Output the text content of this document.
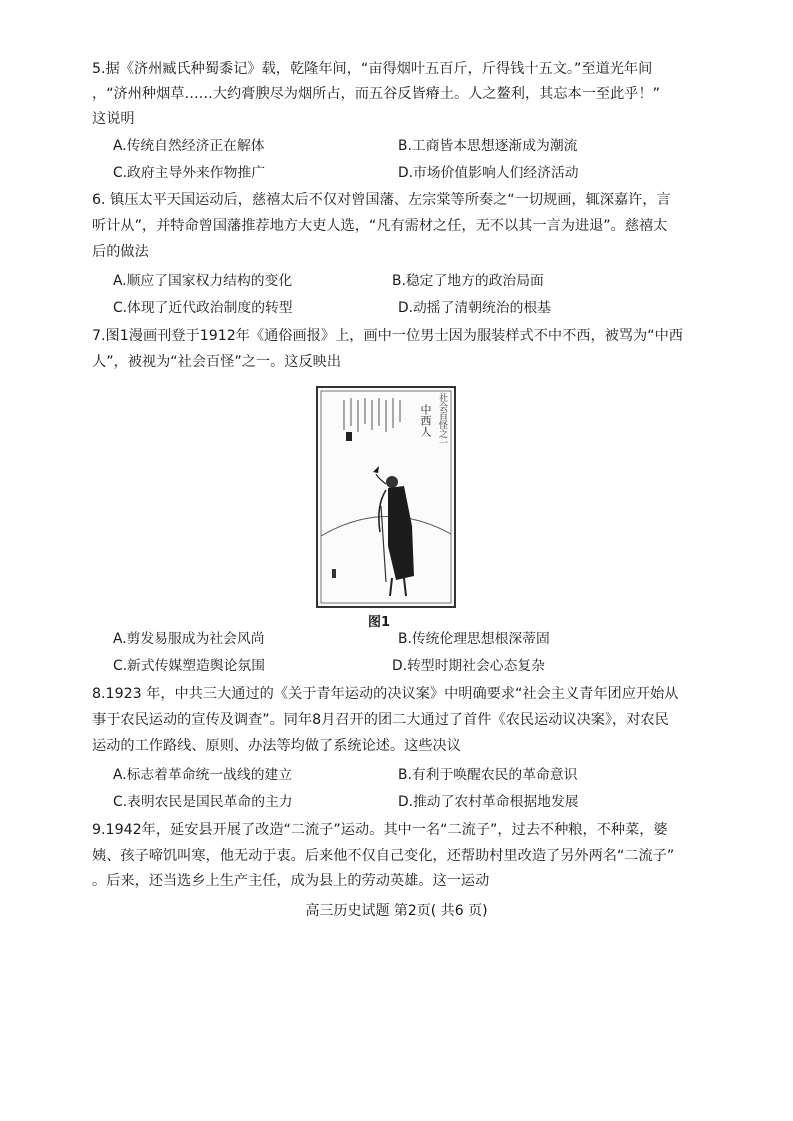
5.据《济州臧氏种蜀黍记》载，乾隆年间，“亩得烟叶五百斤，斤得钱十五文。”至道光年间
，“济州种烟草……大约膏腴尽为烟所占，而五谷反皆瘠土。人之鳌利，其忘本一至此乎！”
这说明
A.传统自然经济正在解体	B.工商皆本思想逐渐成为潮流
C.政府主导外来作物推广	D.市场价值影响人们经济活动
6. 镇压太平天国运动后，慈禧太后不仅对曾国藩、左宗棠等所奏之“一切规画，辄深嘉许，言
听计从”，并特命曾国藩推荐地方大吏人选，“凡有需材之任，无不以其一言为进退”。慈禧太
后的做法
A.顺应了国家权力结构的变化	B.稳定了地方的政治局面
C.体现了近代政治制度的转型	D.动摇了清朝统治的根基
7.图1漫画刊登于1912年《通俗画报》上，画中一位男士因为服装样式不中不西，被骂为“中西
人”，被视为“社会百怪”之一。这反映出
社会百怪之一
中西人
图1
A.剪发易服成为社会风尚	B.传统伦理思想根深蒂固
C.新式传媒塑造舆论氛围	D.转型时期社会心态复杂
8.1923 年，中共三大通过的《关于青年运动的决议案》中明确要求“社会主义青年团应开始从
事于农民运动的宣传及调查”。同年8月召开的团二大通过了首件《农民运动议决案》，对农民
运动的工作路线、原则、办法等均做了系统论述。这些决议
A.标志着革命统一战线的建立	B.有利于唤醒农民的革命意识
C.表明农民是国民革命的主力	D.推动了农村革命根据地发展
9.1942年，延安县开展了改造“二流子”运动。其中一名“二流子”，过去不种粮，不种菜，婆
姨、孩子啼饥叫寒，他无动于衷。后来他不仅自己变化，还帮助村里改造了另外两名“二流子”
。后来，还当选乡上生产主任，成为县上的劳动英雄。这一运动
高三历史试题 第2页( 共6 页)
